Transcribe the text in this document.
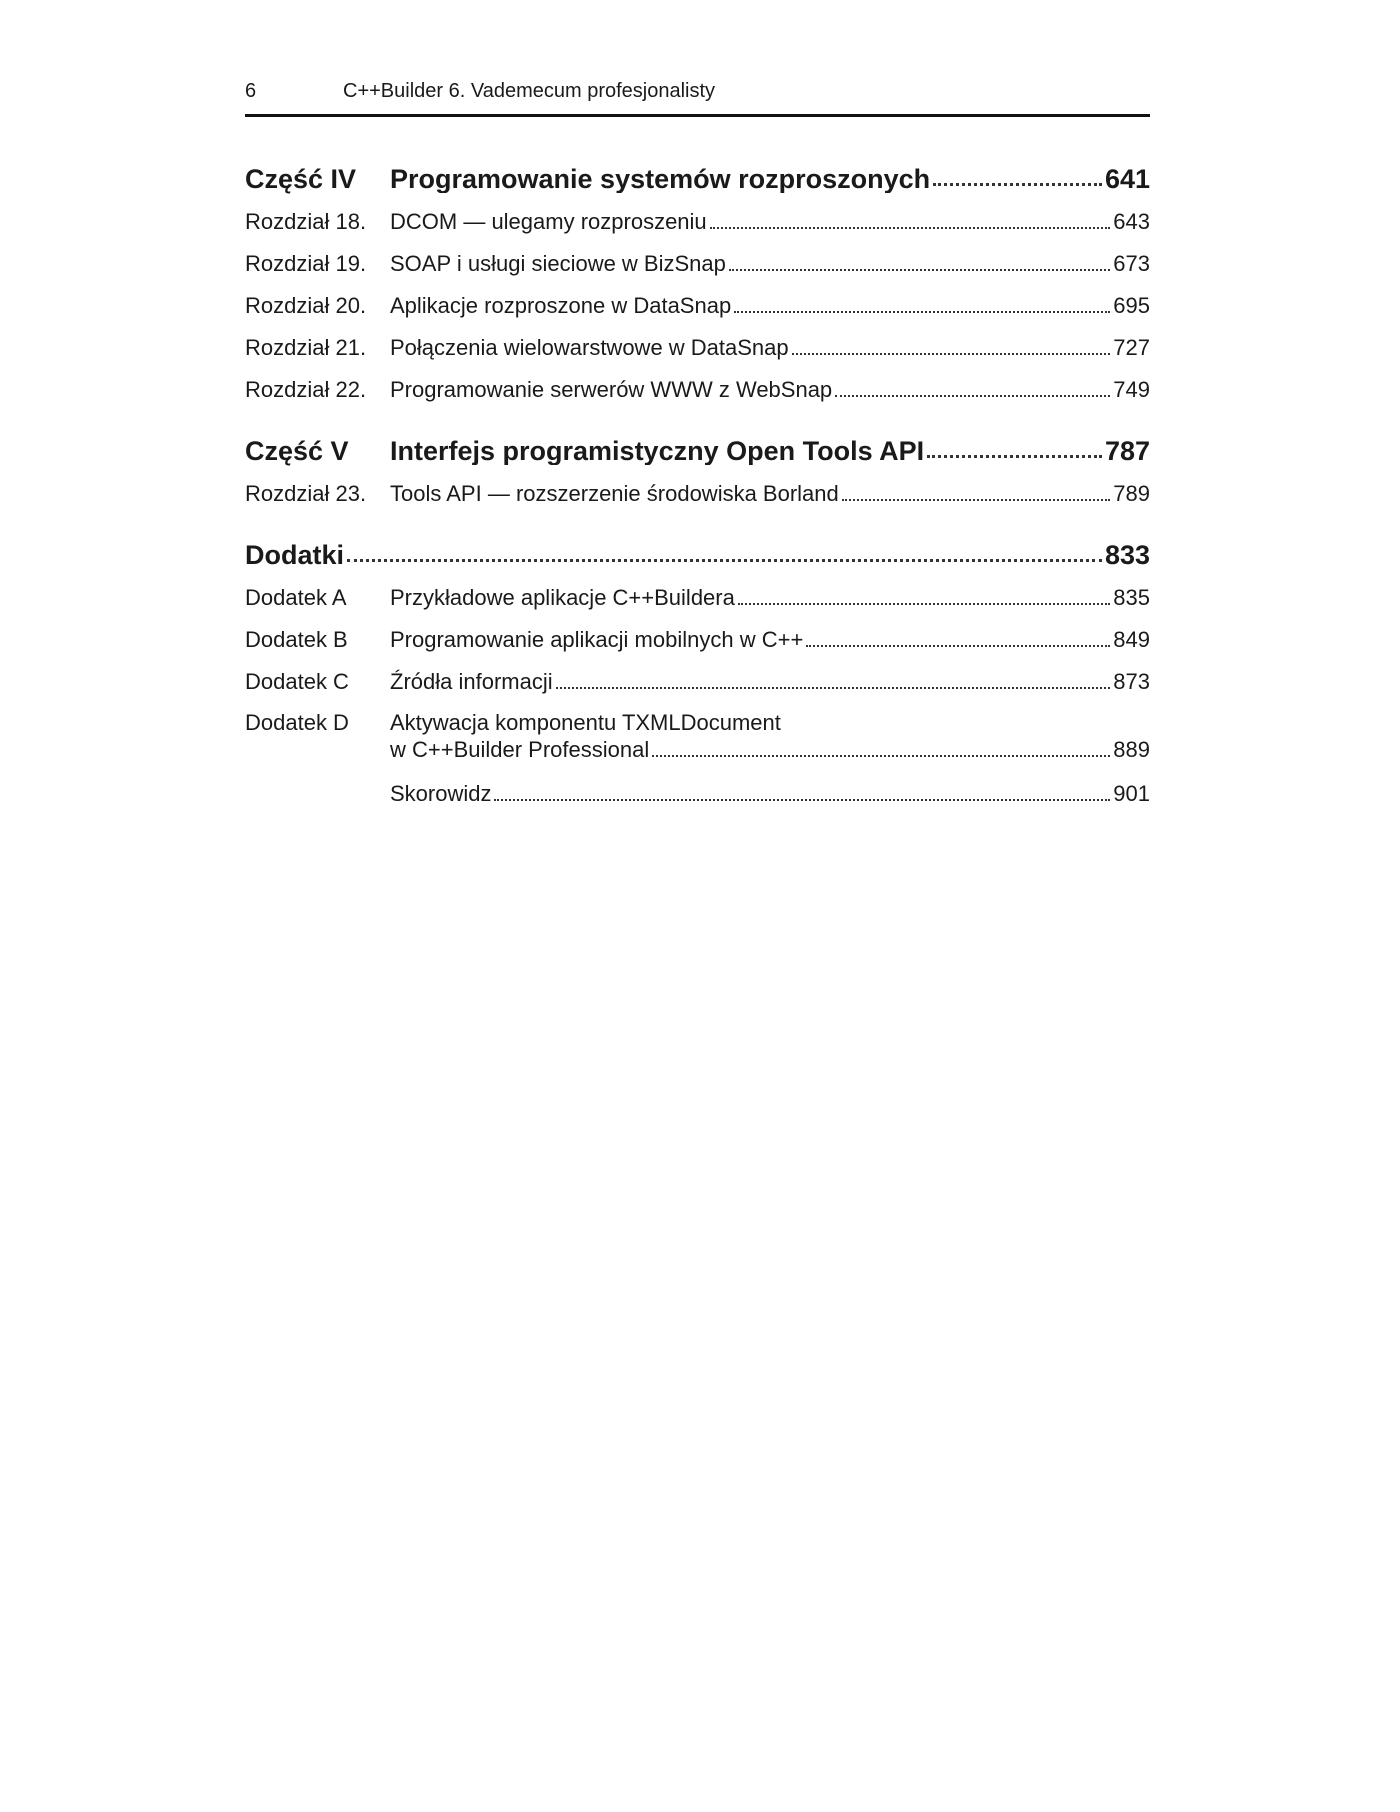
6	C++Builder 6. Vademecum profesjonalisty
Część IV	Programowanie systemów rozproszonych	641
Rozdział 18.	DCOM — ulegamy rozproszeniu	643
Rozdział 19.	SOAP i usługi sieciowe w BizSnap	673
Rozdział 20.	Aplikacje rozproszone w DataSnap	695
Rozdział 21.	Połączenia wielowarstwowe w DataSnap	727
Rozdział 22.	Programowanie serwerów WWW z WebSnap	749
Część V	Interfejs programistyczny Open Tools API	787
Rozdział 23.	Tools API — rozszerzenie środowiska Borland	789
Dodatki	833
Dodatek A	Przykładowe aplikacje C++Buildera	835
Dodatek B	Programowanie aplikacji mobilnych w C++	849
Dodatek C	Źródła informacji	873
Dodatek D	Aktywacja komponentu TXMLDocument
w C++Builder Professional	889
Skorowidz	901
